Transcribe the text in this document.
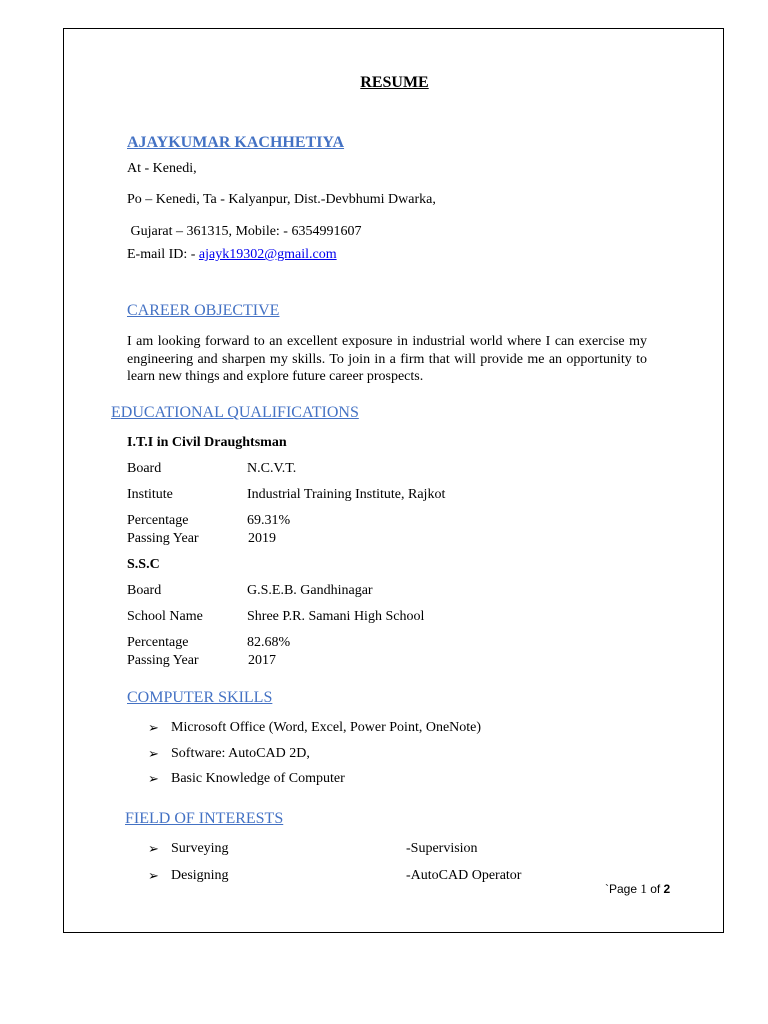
RESUME
AJAYKUMAR KACHHETIYA
At - Kenedi,
Po – Kenedi, Ta - Kalyanpur, Dist.-Devbhumi Dwarka,
Gujarat – 361315, Mobile: - 6354991607
E-mail ID: - ajayk19302@gmail.com
CAREER OBJECTIVE
I am looking forward to an excellent exposure in industrial world where I can exercise my engineering and sharpen my skills. To join in a firm that will provide me an opportunity to learn new things and explore future career prospects.
EDUCATIONAL QUALIFICATIONS
I.T.I in Civil Draughtsman
Board	N.C.V.T.
Institute	Industrial Training Institute, Rajkot
Percentage	69.31%
Passing Year	2019
S.S.C
Board	G.S.E.B. Gandhinagar
School Name	Shree P.R. Samani High School
Percentage	82.68%
Passing Year	2017
COMPUTER SKILLS
➢ Microsoft Office (Word, Excel, Power Point, OneNote)
➢ Software: AutoCAD 2D,
➢ Basic Knowledge of Computer
FIELD OF INTERESTS
➢ Surveying	-Supervision
➢ Designing	-AutoCAD Operator
`Page 1 of 2
